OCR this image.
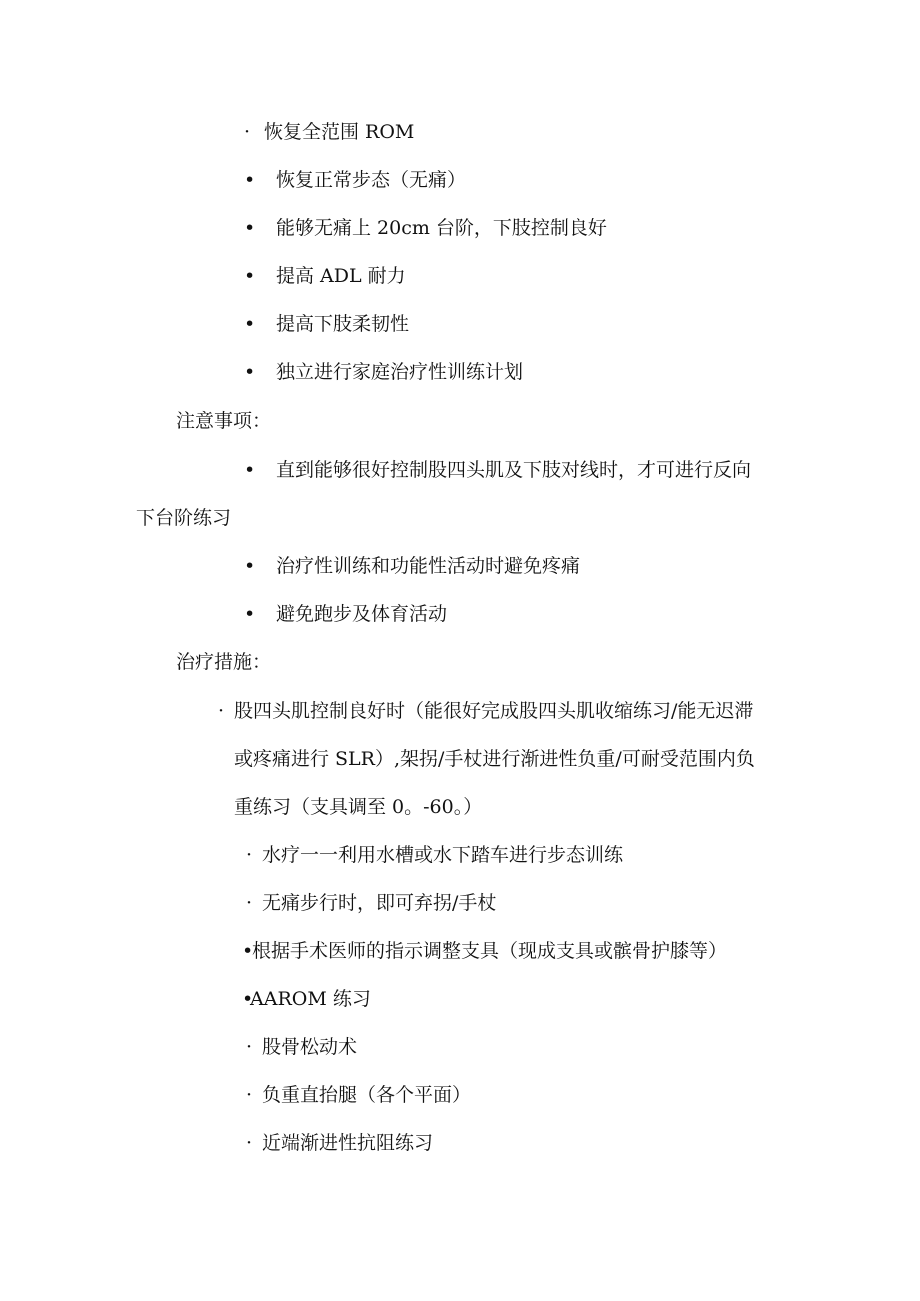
· 恢复全范围 ROM
• 恢复正常步态（无痛）
• 能够无痛上 20cm 台阶，下肢控制良好
• 提高 ADL 耐力
• 提高下肢柔韧性
• 独立进行家庭治疗性训练计划
注意事项：
• 直到能够很好控制股四头肌及下肢对线时，才可进行反向
下台阶练习
• 治疗性训练和功能性活动时避免疼痛
• 避免跑步及体育活动
治疗措施：
· 股四头肌控制良好时（能很好完成股四头肌收缩练习/能无迟滞
或疼痛进行 SLR）,架拐/手杖进行渐进性负重/可耐受范围内负
重练习（支具调至 0。-60。）
· 水疗一一利用水槽或水下踏车进行步态训练
· 无痛步行时，即可弃拐/手杖
•根据手术医师的指示调整支具（现成支具或髌骨护膝等）
•AAROM 练习
· 股骨松动术
· 负重直抬腿（各个平面）
· 近端渐进性抗阻练习
